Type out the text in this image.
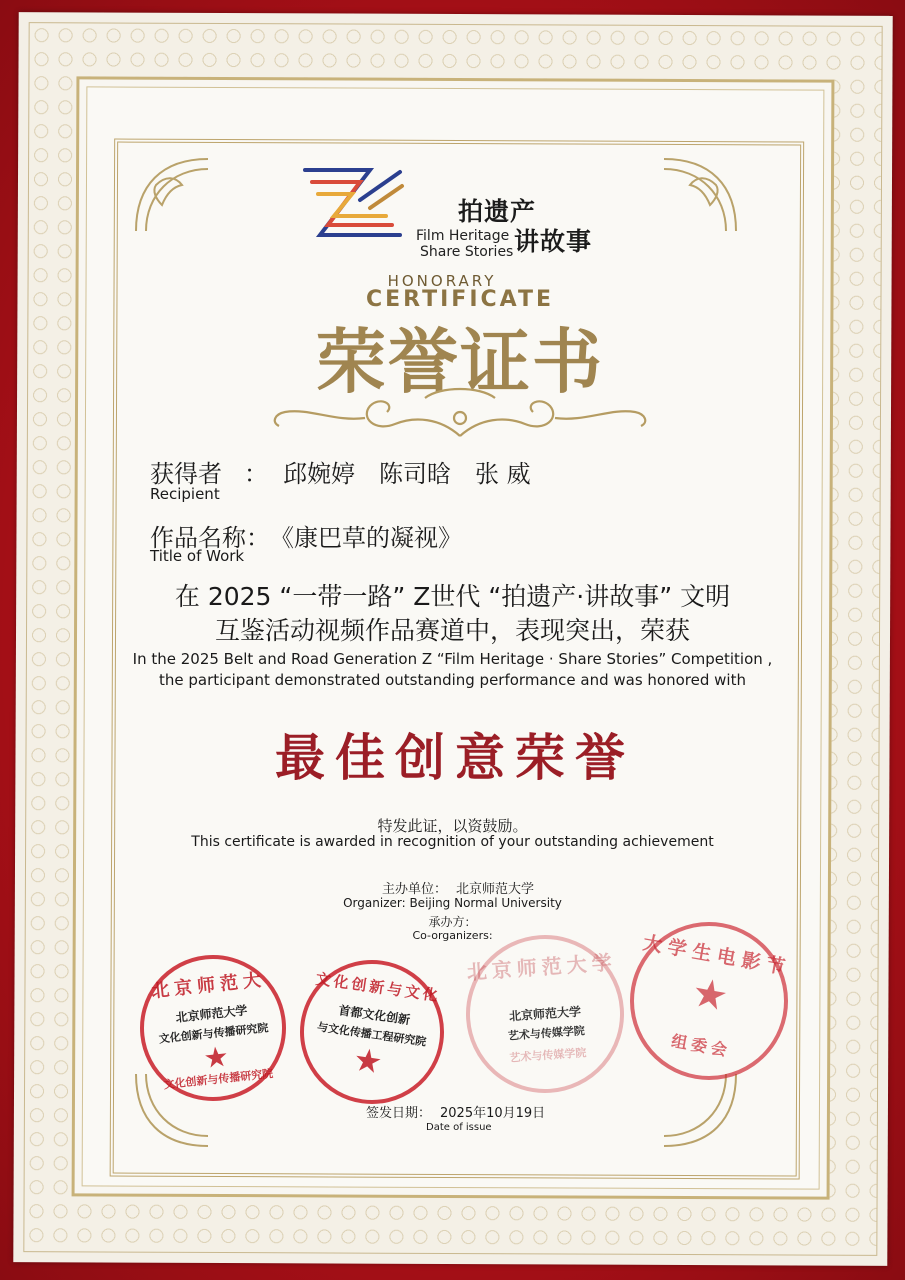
拍遗产
讲故事
Film Heritage
Share Stories
HONORARY
CERTIFICATE
荣誉证书
获得者 ： 邱婉婷　陈司晗　张 威
Recipient
作品名称： 《康巴草的凝视》
Title of Work
在 2025 “一带一路” Z世代 “拍遗产·讲故事” 文明
互鉴活动视频作品赛道中，表现突出，荣获
In the 2025 Belt and Road Generation Z “Film Heritage · Share Stories” Competition ,
the participant demonstrated outstanding performance and was honored with
最佳创意荣誉
特发此证，以资鼓励。
This certificate is awarded in recognition of your outstanding achievement
主办单位： 北京师范大学
Organizer: Beijing Normal University
承办方：
Co-organizers:
北京师范大
北京师范大学
文化创新与传播研究院
★
文化创新与传播研究院
文化创新与文化
首都文化创新
与文化传播工程研究院
★
北京师范大学
北京师范大学
艺术与传媒学院
艺术与传媒学院
大学生电影节
★
组委会
签发日期： 2025年10月19日
Date of issue
